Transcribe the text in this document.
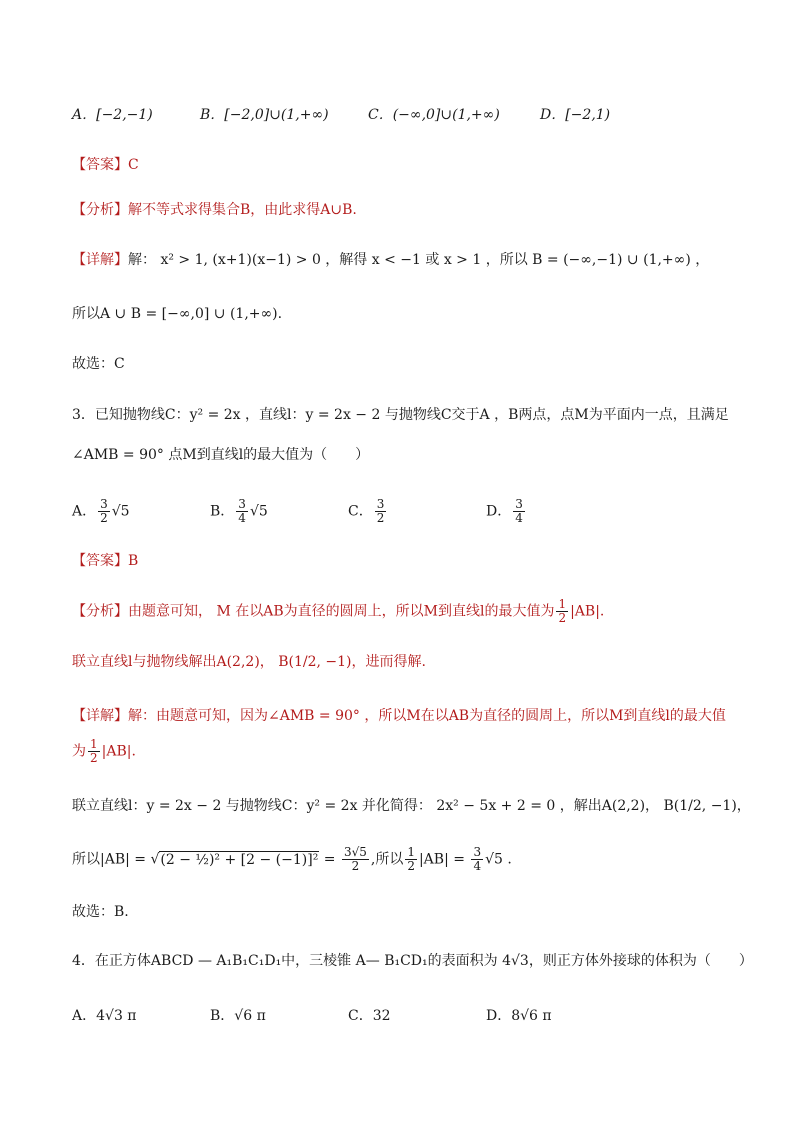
A．[−2,−1)	B．[−2,0]∪(1,+∞)	C．(−∞,0]∪(1,+∞)	D．[−2,1)
【答案】C
【分析】解不等式求得集合B，由此求得A∪B.
【详解】解： x² > 1, (x+1)(x−1) > 0 ，解得 x < −1 或 x > 1 ，所以 B = (−∞,−1) ∪ (1,+∞) ，
所以A ∪ B = [−∞,0] ∪ (1,+∞).
故选：C
3．已知抛物线C：y² = 2x ，直线l：y = 2x − 2 与抛物线C交于A ，B两点，点M为平面内一点，且满足
∠AMB = 90° 点M到直线l的最大值为（　　）
A． $\frac{3}{2} √5$	B． $\frac{3}{4} √5$	C． $\frac{3}{2}$	D． $\frac{3}{4}$
【答案】B
【分析】由题意可知， M 在以AB为直径的圆周上，所以M到直线l的最大值为 $\frac{1}{2} |AB|$.
联立直线l与抛物线解出A(2,2)， B(1/2, −1)，进而得解.
【详解】解：由题意可知，因为∠AMB = 90° ，所以M在以AB为直径的圆周上，所以M到直线l的最大值
为 $\frac{1}{2} |AB|$.
联立直线l：y = 2x − 2 与抛物线C：y² = 2x 并化简得： 2x² − 5x + 2 = 0 ，解出A(2,2)， B(1/2, −1)，
所以|AB| = √(2 − ½)² + $[2 - (-1)]^2 = \frac{3√5}{2}$ ,所以 $\frac{1}{2} |AB| = \frac{3}{4} √5$ .
故选：B.
4．在正方体ABCD — A₁B₁C₁D₁中，三棱锥 A— B₁CD₁的表面积为 4√3，则正方体外接球的体积为（　　）
A．4√3 π	B．√6 π	C．32	D．8√6 π
